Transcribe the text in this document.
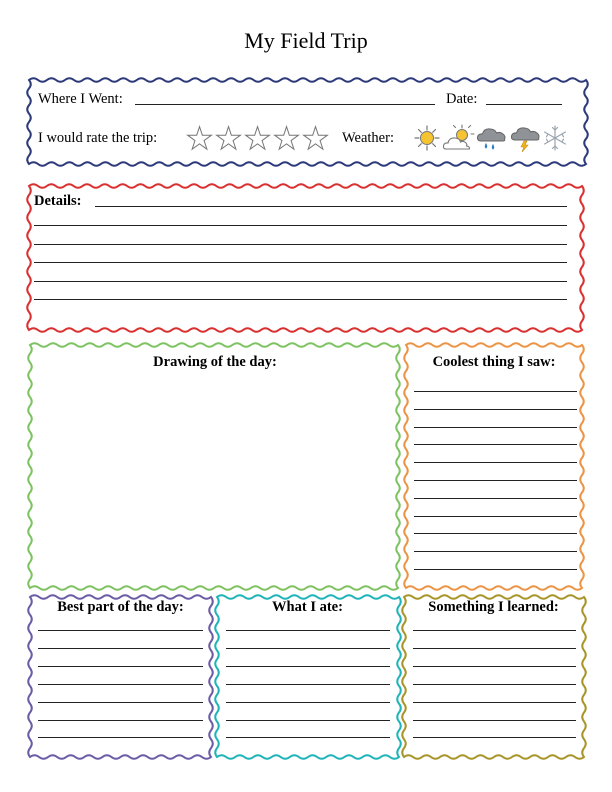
My Field Trip
Where I Went:	Date:
I would rate the trip: ★ ★ ★ ★ ★ Weather:
Details:
Drawing of the day:	Coolest thing I saw:
Best part of the day:	What I ate:	Something I learned:
